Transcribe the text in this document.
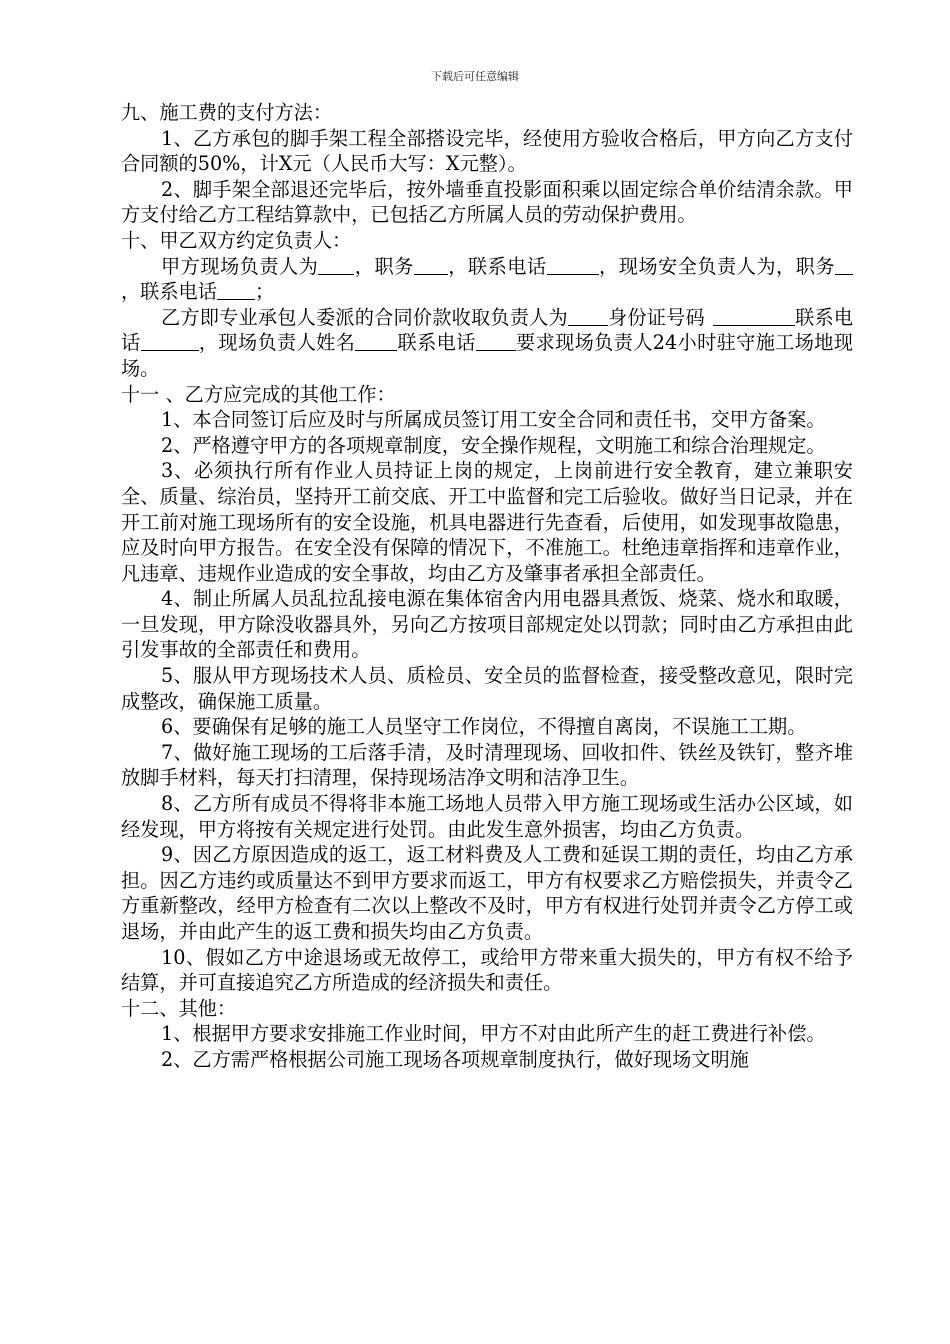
下载后可任意编辑

九、施工费的支付方法：

1、乙方承包的脚手架工程全部搭设完毕，经使用方验收合格后，甲方向乙方支付合同额的50%，计X元（人民币大写：X元整）。

2、脚手架全部退还完毕后，按外墙垂直投影面积乘以固定综合单价结清余款。甲方支付给乙方工程结算款中，已包括乙方所属人员的劳动保护费用。

十、甲乙双方约定负责人：

甲方现场负责人为 ，职务 ，联系电话	，现场安全负责人为，职务，联系电话 ；

乙方即专业承包人委派的合同价款收取负责人为 身份证号码	联系电话	，现场负责人姓名 联系电话 要求现场负责人24小时驻守施工场地现场。

十一 、乙方应完成的其他工作：

1、本合同签订后应及时与所属成员签订用工安全合同和责任书，交甲方备案。

2、严格遵守甲方的各项规章制度，安全操作规程，文明施工和综合治理规定。

3、必须执行所有作业人员持证上岗的规定，上岗前进行安全教育，建立兼职安全、质量、综治员，坚持开工前交底、开工中监督和完工后验收。做好当日记录，并在开工前对施工现场所有的安全设施，机具电器进行先查看，后使用，如发现事故隐患，应及时向甲方报告。在安全没有保障的情况下，不准施工。杜绝违章指挥和违章作业，凡违章、违规作业造成的安全事故，均由乙方及肇事者承担全部责任。

4、制止所属人员乱拉乱接电源在集体宿舍内用电器具煮饭、烧菜、烧水和取暖，一旦发现，甲方除没收器具外，另向乙方按项目部规定处以罚款；同时由乙方承担由此引发事故的全部责任和费用。

5、服从甲方现场技术人员、质检员、安全员的监督检查，接受整改意见，限时完成整改，确保施工质量。

6、要确保有足够的施工人员坚守工作岗位，不得擅自离岗，不误施工工期。

7、做好施工现场的工后落手清，及时清理现场、回收扣件、铁丝及铁钉，整齐堆放脚手材料，每天打扫清理，保持现场洁净文明和洁净卫生。

8、乙方所有成员不得将非本施工场地人员带入甲方施工现场或生活办公区域，如经发现，甲方将按有关规定进行处罚。由此发生意外损害，均由乙方负责。

9、因乙方原因造成的返工，返工材料费及人工费和延误工期的责任，均由乙方承担。因乙方违约或质量达不到甲方要求而返工，甲方有权要求乙方赔偿损失，并责令乙方重新整改，经甲方检查有二次以上整改不及时，甲方有权进行处罚并责令乙方停工或退场，并由此产生的返工费和损失均由乙方负责。

10、假如乙方中途退场或无故停工，或给甲方带来重大损失的，甲方有权不给予结算，并可直接追究乙方所造成的经济损失和责任。

十二、其他：

1、根据甲方要求安排施工作业时间，甲方不对由此所产生的赶工费进行补偿。

2、乙方需严格根据公司施工现场各项规章制度执行，做好现场文明施
